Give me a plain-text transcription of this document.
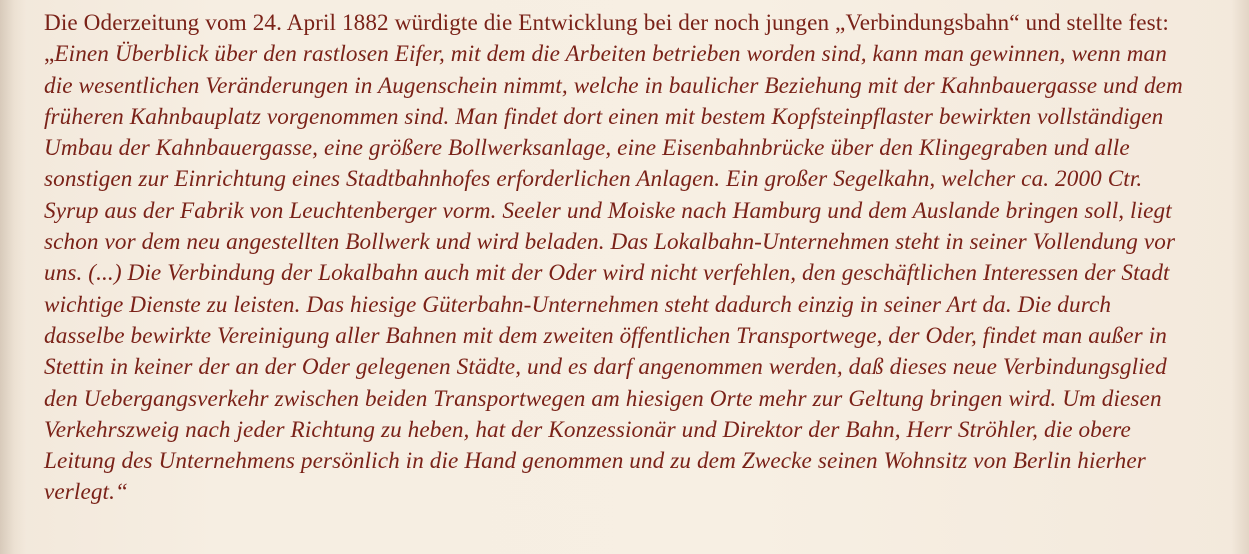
Die Oderzeitung vom 24. April 1882 würdigte die Entwicklung bei der noch jungen „Verbindungsbahn“ und stellte fest: „Einen Überblick über den rastlosen Eifer, mit dem die Arbeiten betrieben worden sind, kann man gewinnen, wenn man die wesentlichen Veränderungen in Augenschein nimmt, welche in baulicher Beziehung mit der Kahnbauergasse und dem früheren Kahnbauplatz vorgenommen sind. Man findet dort einen mit bestem Kopfsteinpflaster bewirkten vollständigen Umbau der Kahnbauergasse, eine größere Bollwerksanlage, eine Eisenbahnbrücke über den Klingegraben und alle sonstigen zur Einrichtung eines Stadtbahnhofes erforderlichen Anlagen. Ein großer Segelkahn, welcher ca. 2000 Ctr. Syrup aus der Fabrik von Leuchtenberger vorm. Seeler und Moiske nach Hamburg und dem Auslande bringen soll, liegt schon vor dem neu angestellten Bollwerk und wird beladen. Das Lokalbahn-Unternehmen steht in seiner Vollendung vor uns. (...) Die Verbindung der Lokalbahn auch mit der Oder wird nicht verfehlen, den geschäftlichen Interessen der Stadt wichtige Dienste zu leisten. Das hiesige Güterbahn-Unternehmen steht dadurch einzig in seiner Art da. Die durch dasselbe bewirkte Vereinigung aller Bahnen mit dem zweiten öffentlichen Transportwege, der Oder, findet man außer in Stettin in keiner der an der Oder gelegenen Städte, und es darf angenommen werden, daß dieses neue Verbindungsglied den Uebergangsverkehr zwischen beiden Transportwegen am hiesigen Orte mehr zur Geltung bringen wird. Um diesen Verkehrszweig nach jeder Richtung zu heben, hat der Konzessionär und Direktor der Bahn, Herr Ströhler, die obere Leitung des Unternehmens persönlich in die Hand genommen und zu dem Zwecke seinen Wohnsitz von Berlin hierher verlegt.“
